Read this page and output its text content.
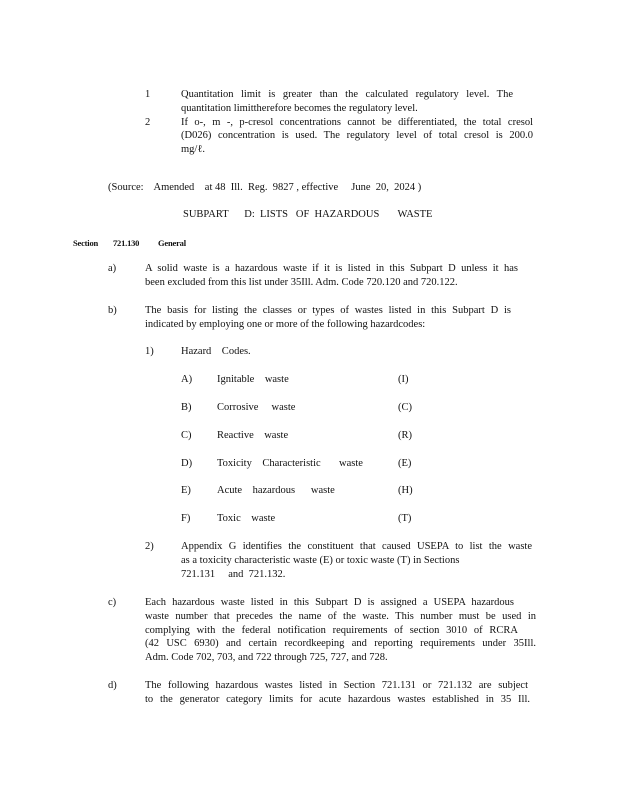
1	Quantitation limit is greater than the calculated regulatory level. The
quantitation limittherefore becomes the regulatory level.
2	If o-, m -, p-cresol concentrations cannot be differentiated, the total cresol
(D026) concentration is used. The regulatory level of total cresol is 200.0
mg/ℓ.
(Source:    Amended    at 48  Ill.  Reg.  9827 , effective     June  20,  2024 )
SUBPART      D:  LISTS   OF  HAZARDOUS       WASTE
Section 721.130 General
a)	A solid waste is a hazardous waste if it is listed in this Subpart D unless it has
been excluded from this list under 35Ill. Adm. Code 720.120 and 720.122.
b)	The basis for listing the classes or types of wastes listed in this Subpart D is
indicated by employing one or more of the following hazardcodes:
1)	Hazard    Codes.
A) Ignitable    waste	(I)
B) Corrosive     waste	(C)
C) Reactive    waste	(R)
D) Toxicity    Characteristic       waste	(E)
E) Acute    hazardous      waste	(H)
F)	Toxic    waste	(T)
2)	Appendix G identifies the constituent that caused USEPA to list the waste
as a toxicity characteristic waste (E) or toxic waste (T) in Sections
721.131     and  721.132.
c)	Each hazardous waste listed in this Subpart D is assigned a USEPA hazardous
waste number that precedes the name of the waste. This number must be used in
complying with the federal notification requirements of section 3010 of RCRA
(42 USC 6930) and certain recordkeeping and reporting requirements under 35Ill.
Adm. Code 702, 703, and 722 through 725, 727, and 728.
d)	The following hazardous wastes listed in Section 721.131 or 721.132 are subject
to the generator category limits for acute hazardous wastes established in 35 Ill.
